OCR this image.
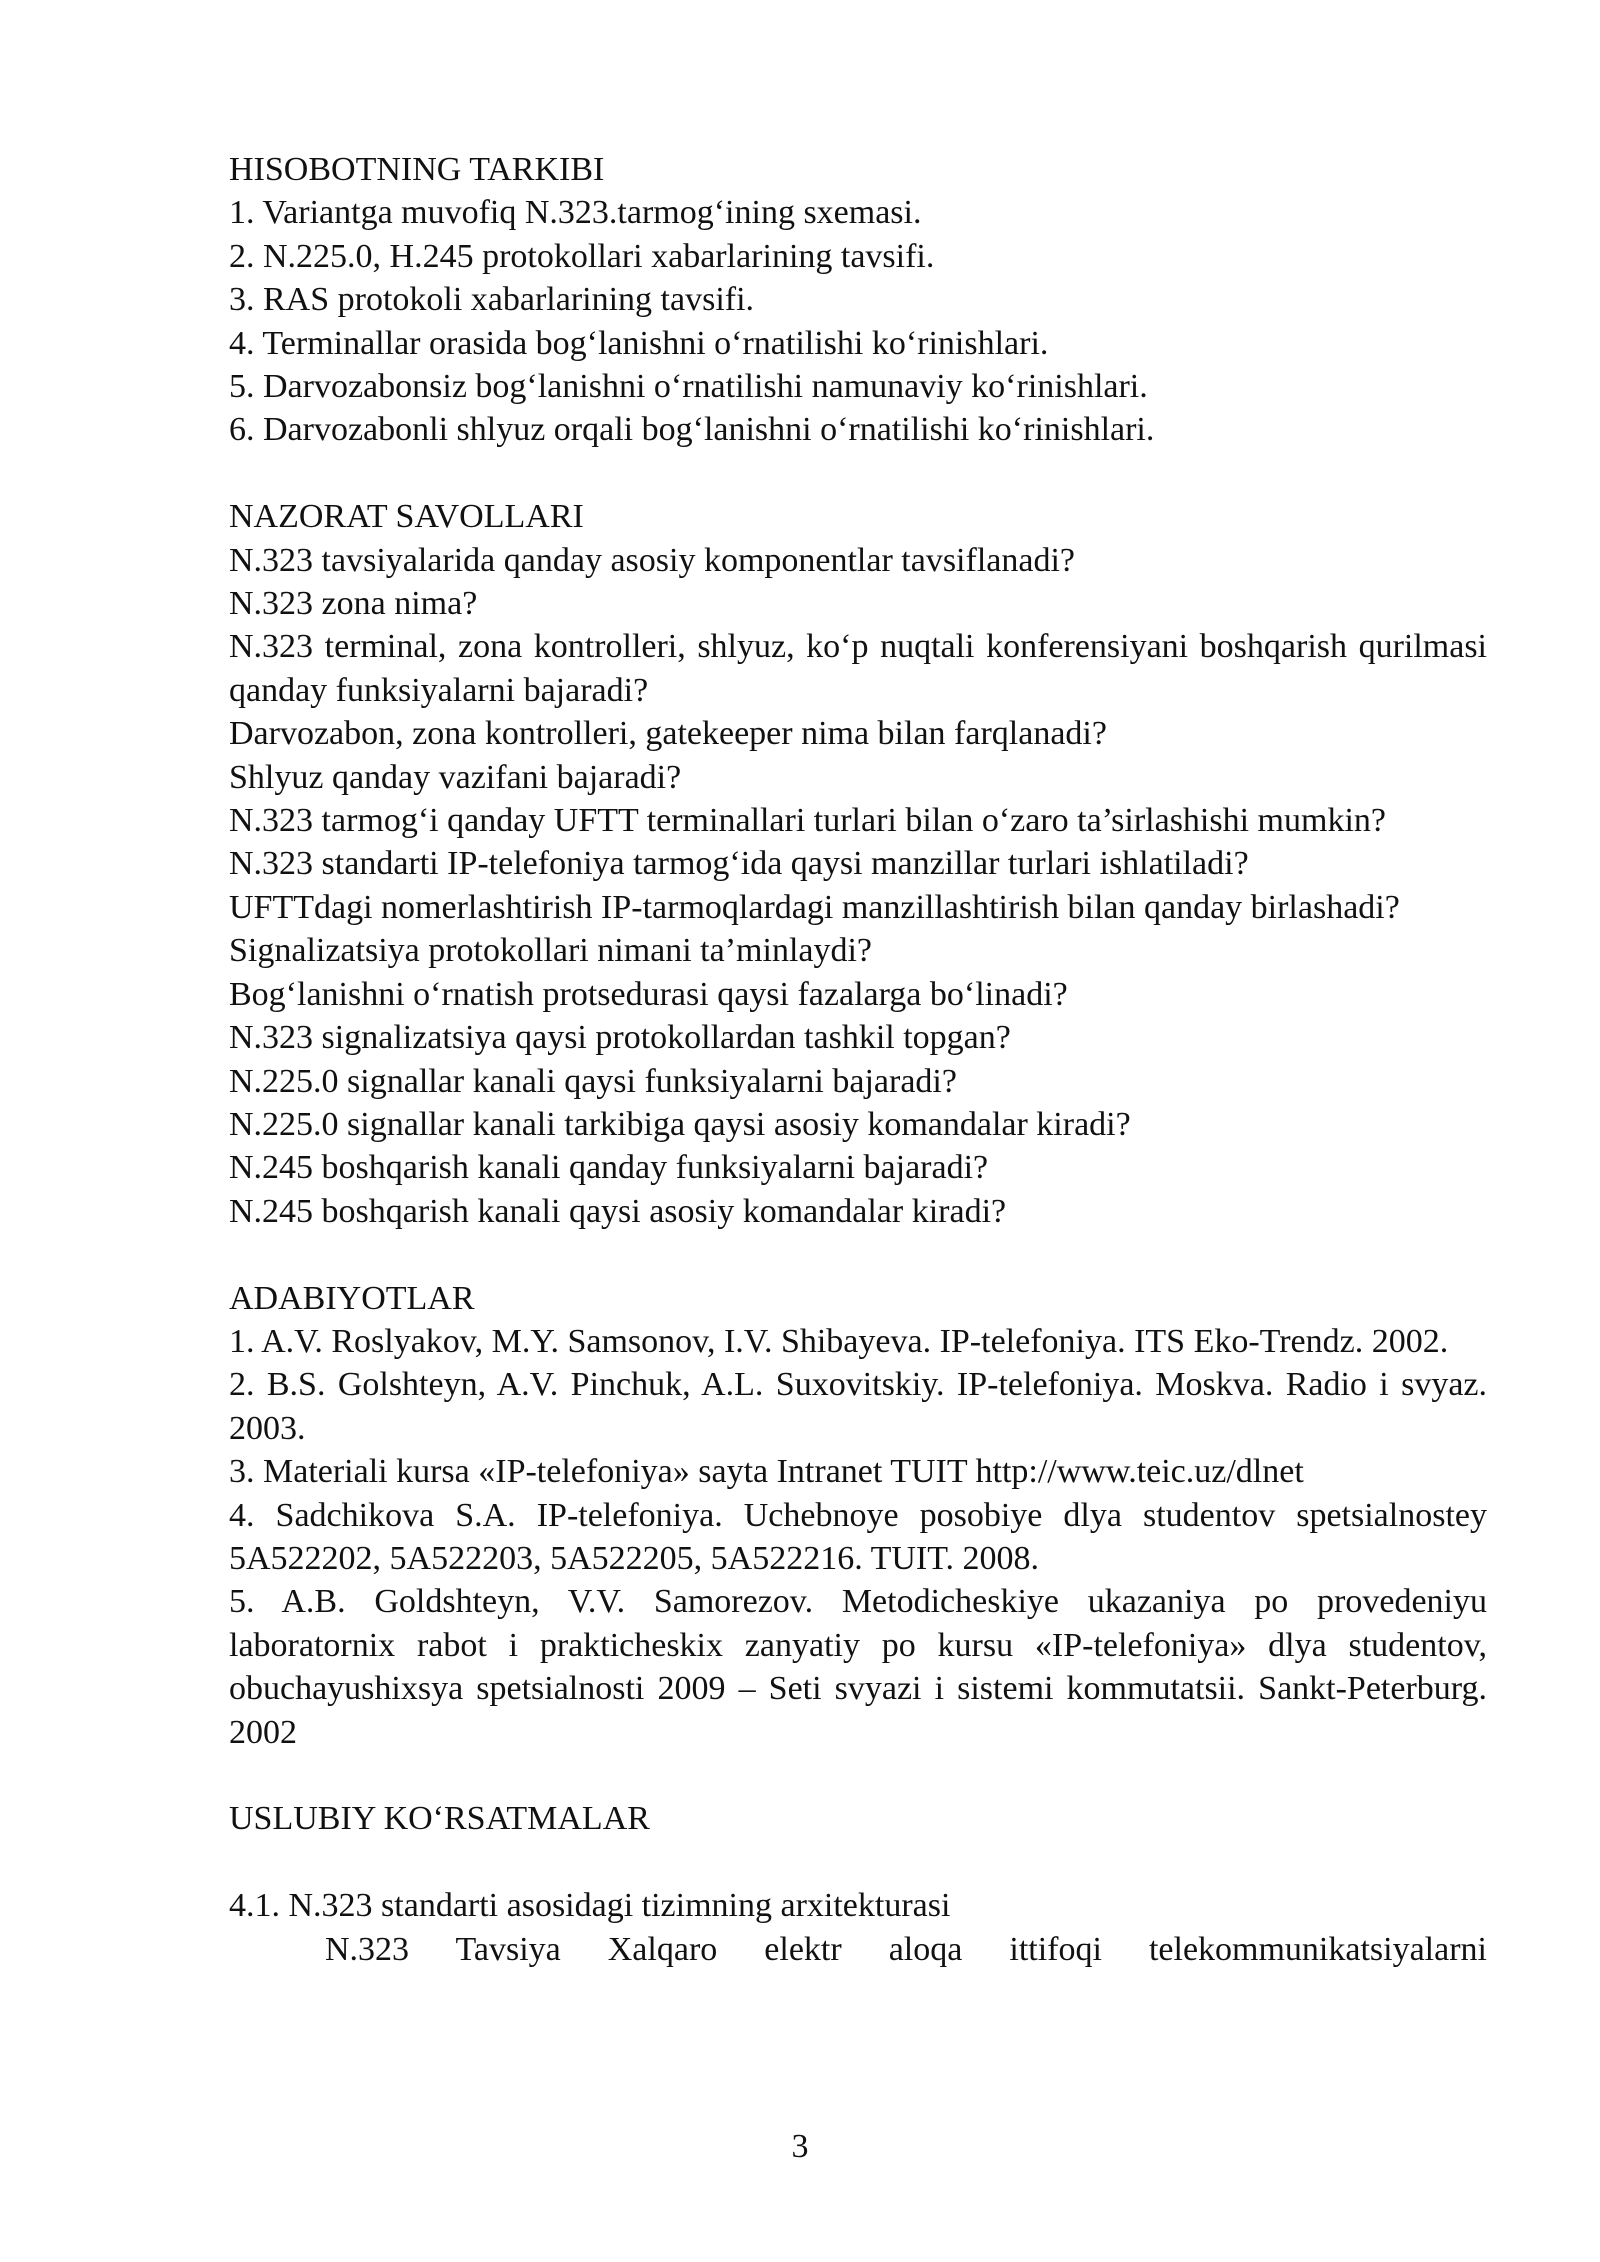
HISOBOTNING TARKIBI
1. Variantga muvofiq N.323.tarmog‘ining sxemasi.
2. N.225.0, H.245 protokollari xabarlarining tavsifi.
3. RAS protokoli xabarlarining tavsifi.
4. Terminallar orasida bog‘lanishni o‘rnatilishi ko‘rinishlari.
5. Darvozabonsiz bog‘lanishni o‘rnatilishi namunaviy ko‘rinishlari.
6. Darvozabonli shlyuz orqali bog‘lanishni o‘rnatilishi ko‘rinishlari.
NAZORAT SAVOLLARI
N.323 tavsiyalarida qanday asosiy komponentlar tavsiflanadi?
N.323 zona nima?
N.323 terminal, zona kontrolleri, shlyuz, ko‘p nuqtali konferensiyani boshqarish qurilmasi qanday funksiyalarni bajaradi?
Darvozabon, zona kontrolleri, gatekeeper nima bilan farqlanadi?
Shlyuz qanday vazifani bajaradi?
N.323 tarmog‘i qanday UFTT terminallari turlari bilan o‘zaro ta’sirlashishi mumkin?
N.323 standarti IP-telefoniya tarmog‘ida qaysi manzillar turlari ishlatiladi?
UFTTdagi nomerlashtirish IP-tarmoqlardagi manzillashtirish bilan qanday birlashadi?
Signalizatsiya protokollari nimani ta’minlaydi?
Bog‘lanishni o‘rnatish protsedurasi qaysi fazalarga bo‘linadi?
N.323 signalizatsiya qaysi protokollardan tashkil topgan?
N.225.0 signallar kanali qaysi funksiyalarni bajaradi?
N.225.0 signallar kanali tarkibiga qaysi asosiy komandalar kiradi?
N.245 boshqarish kanali qanday funksiyalarni bajaradi?
N.245 boshqarish kanali qaysi asosiy komandalar kiradi?
ADABIYOTLAR
1. A.V. Roslyakov, M.Y. Samsonov, I.V. Shibayeva. IP-telefoniya. ITS Eko-Trendz. 2002.
2. B.S. Golshteyn, A.V. Pinchuk, A.L. Suxovitskiy. IP-telefoniya. Moskva. Radio i svyaz. 2003.
3. Materiali kursa «IP-telefoniya» sayta Intranet TUIT http://www.teic.uz/dlnet
4. Sadchikova S.A. IP-telefoniya. Uchebnoye posobiye dlya studentov spetsialnostey 5A522202, 5A522203, 5A522205, 5A522216. TUIT. 2008.
5. A.B. Goldshteyn, V.V. Samorezov. Metodicheskiye ukazaniya po provedeniyu laboratornix rabot i prakticheskix zanyatiy po kursu «IP-telefoniya» dlya studentov, obuchayushixsya spetsialnosti 2009 – Seti svyazi i sistemi kommutatsii. Sankt-Peterburg. 2002
USLUBIY KO‘RSATMALAR
4.1. N.323 standarti asosidagi tizimning arxitekturasi
N.323 Tavsiya Xalqaro elektr aloqa ittifoqi telekommunikatsiyalarni
3
